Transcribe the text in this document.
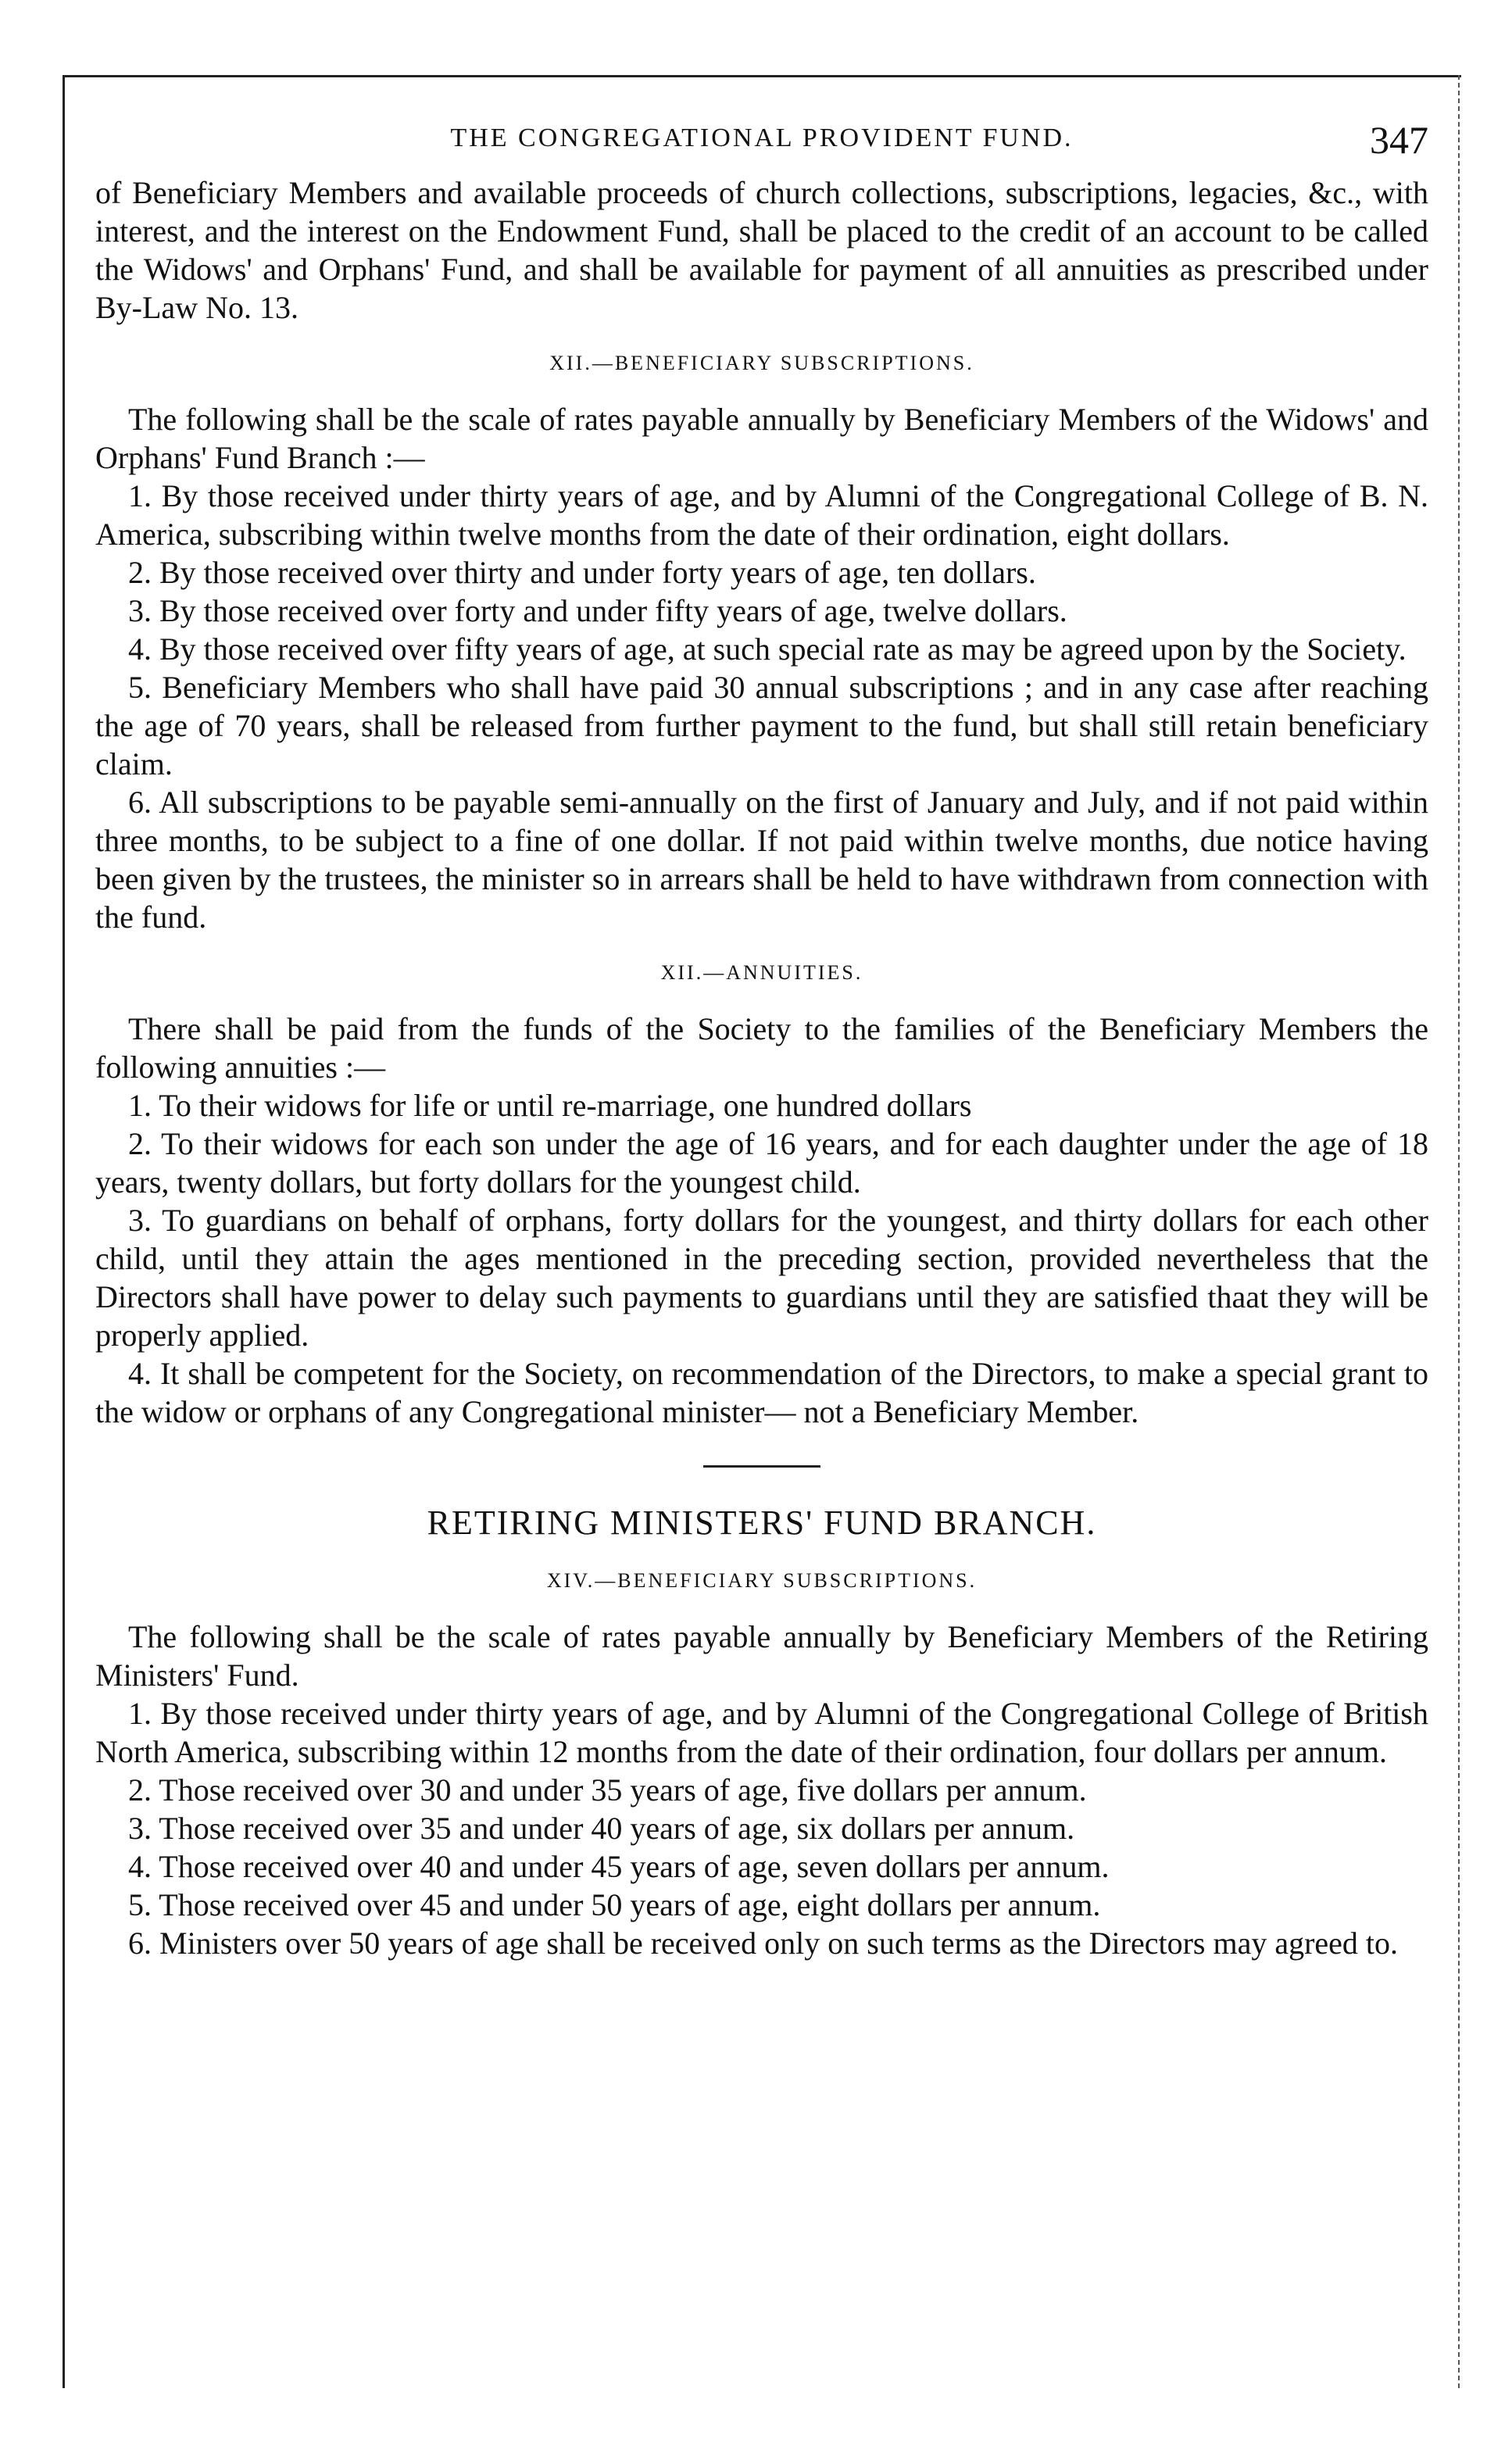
THE CONGREGATIONAL PROVIDENT FUND.	347

of Beneficiary Members and available proceeds of church collections, subscriptions, legacies, &c., with interest, and the interest on the Endowment Fund, shall be placed to the credit of an account to be called the Widows' and Orphans' Fund, and shall be available for payment of all annuities as prescribed under By-Law No. 13.

XII.—BENEFICIARY SUBSCRIPTIONS.

The following shall be the scale of rates payable annually by Beneficiary Members of the Widows' and Orphans' Fund Branch :—

1. By those received under thirty years of age, and by Alumni of the Congregational College of B. N. America, subscribing within twelve months from the date of their ordination, eight dollars.

2. By those received over thirty and under forty years of age, ten dollars.

3. By those received over forty and under fifty years of age, twelve dollars.

4. By those received over fifty years of age, at such special rate as may be agreed upon by the Society.

5. Beneficiary Members who shall have paid 30 annual subscriptions ; and in any case after reaching the age of 70 years, shall be released from further payment to the fund, but shall still retain beneficiary claim.

6. All subscriptions to be payable semi-annually on the first of January and July, and if not paid within three months, to be subject to a fine of one dollar. If not paid within twelve months, due notice having been given by the trustees, the minister so in arrears shall be held to have withdrawn from connection with the fund.

XII.—ANNUITIES.

There shall be paid from the funds of the Society to the families of the Beneficiary Members the following annuities :—

1. To their widows for life or until re-marriage, one hundred dollars

2. To their widows for each son under the age of 16 years, and for each daughter under the age of 18 years, twenty dollars, but forty dollars for the youngest child.

3. To guardians on behalf of orphans, forty dollars for the youngest, and thirty dollars for each other child, until they attain the ages mentioned in the preceding section, provided nevertheless that the Directors shall have power to delay such payments to guardians until they are satisfied thaat they will be properly applied.

4. It shall be competent for the Society, on recommendation of the Directors, to make a special grant to the widow or orphans of any Congregational minister— not a Beneficiary Member.

RETIRING MINISTERS' FUND BRANCH.
XIV.—BENEFICIARY SUBSCRIPTIONS.

The following shall be the scale of rates payable annually by Beneficiary Members of the Retiring Ministers' Fund.

1. By those received under thirty years of age, and by Alumni of the Congregational College of British North America, subscribing within 12 months from the date of their ordination, four dollars per annum.

2. Those received over 30 and under 35 years of age, five dollars per annum.

3. Those received over 35 and under 40 years of age, six dollars per annum.

4. Those received over 40 and under 45 years of age, seven dollars per annum.

5. Those received over 45 and under 50 years of age, eight dollars per annum.

6. Ministers over 50 years of age shall be received only on such terms as the Directors may agreed to.
